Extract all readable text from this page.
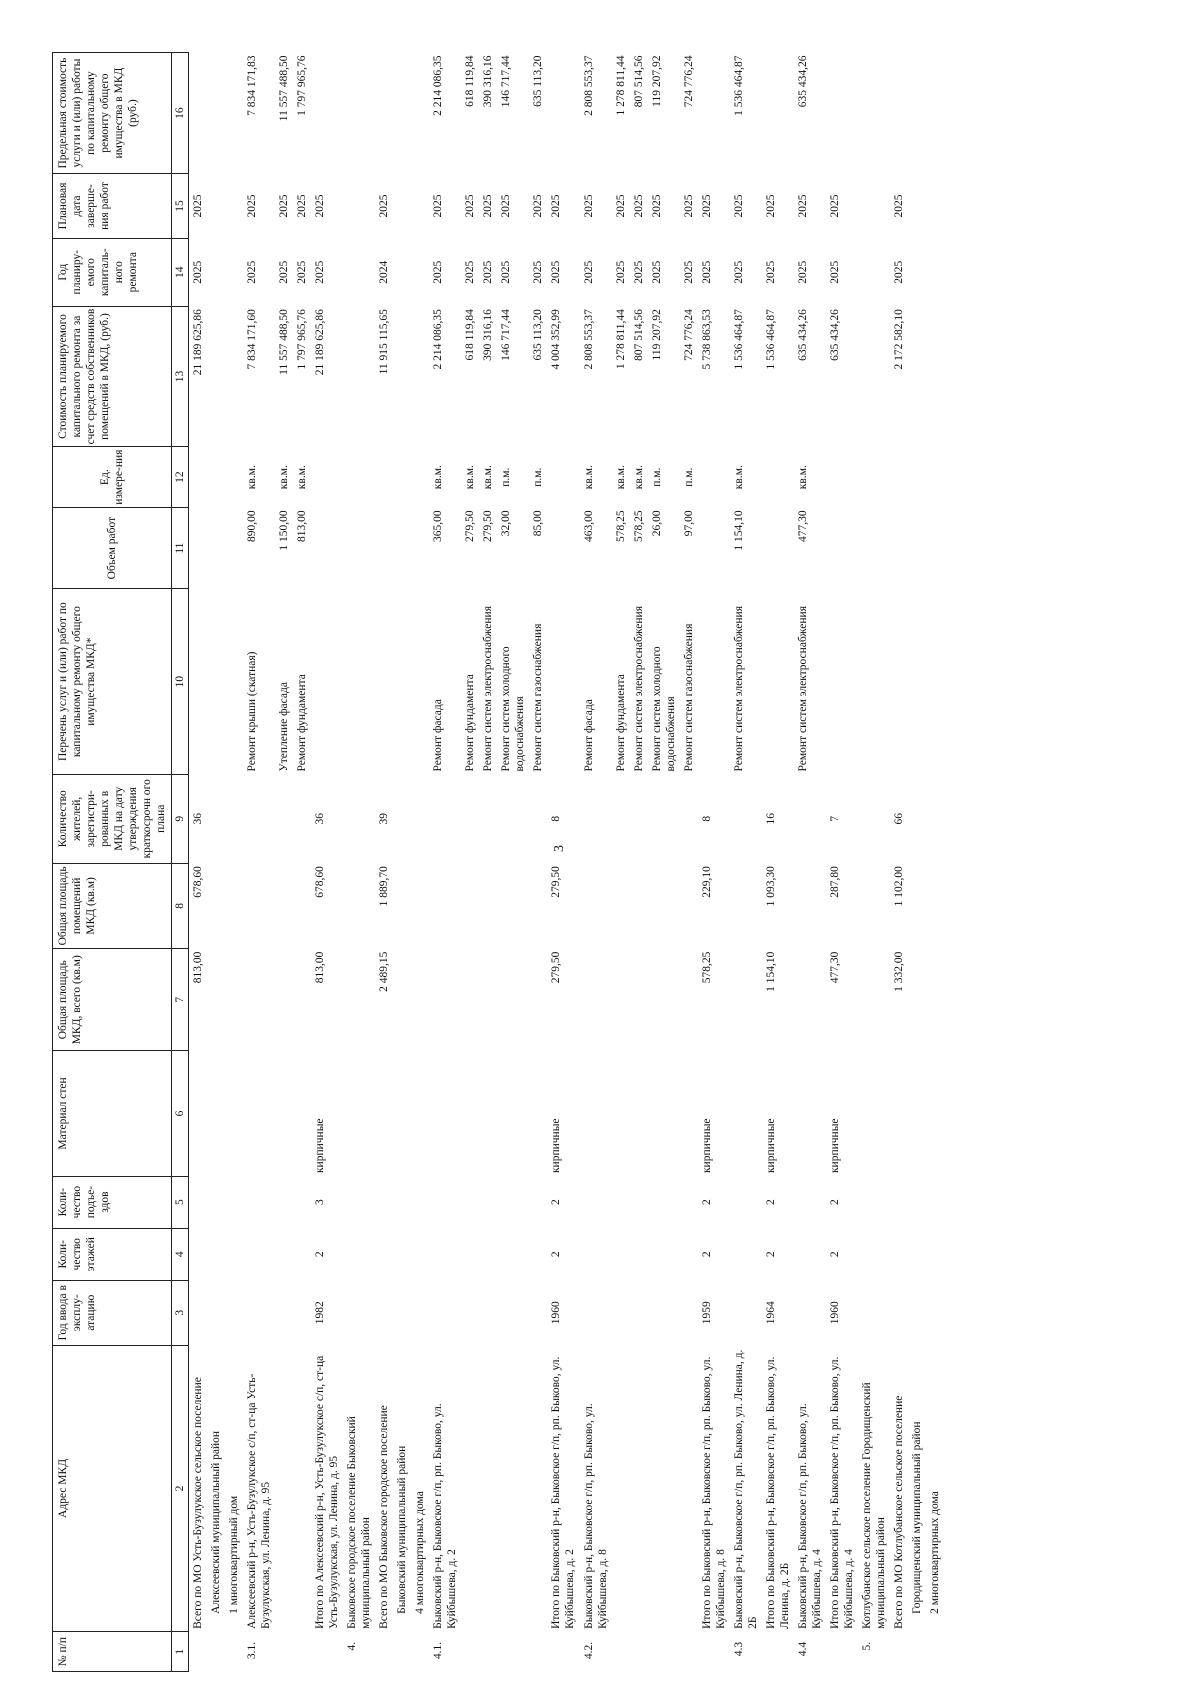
3
№ п/п	Адрес МКД	Год ввода в эксплу-атацию	Коли-чество этажей	Коли-чество подъе-здов	Материал стен	Общая площадь МКД, всего (кв.м)	Общая площадь помещений МКД (кв.м)	Количество жителей, зарегистри-рованных в МКД на дату утверждения краткосрочн ого плана	Перечень услуг и (или) работ по капитальному ремонту общего имущества МКД*	Объем работ	Ед. измере-ния	Стоимость планируемого капитального ремонта за счет средств собственников помещений в МКД, (руб.)	Год планиру-емого капиталь-ного ремонта	Плановая дата заверше-ния работ	Предельная стоимость услуги и (или) работы по капитальному ремонту общего имущества в МКД (руб.)
1	2	3	4	5	6	7	8	9	10	11	12	13	14	15	16
	Всего по МО Усть-Бузулукское сельское поселение					813,00	678,60	36				21 189 625,86	2025	2025	
	Алексеевский муниципальный район														
	1 многоквартирный дом														
3.1.	Алексеевский р-н, Усть-Бузулукское с/п, ст-ца Усть-Бузулукская, ул. Ленина, д. 95								Ремонт крыши (скатная)	890,00	кв.м.	7 834 171,60	2025	2025	7 834 171,83
									Утепление фасада	1 150,00	кв.м.	11 557 488,50	2025	2025	11 557 488,50
									Ремонт фундамента	813,00	кв.м.	1 797 965,76	2025	2025	1 797 965,76
	Итого по Алексеевский р-н, Усть-Бузулукское с/п, ст-ца Усть-Бузулукская, ул. Ленина, д. 95	1982	2	3	кирпичные	813,00	678,60	36				21 189 625,86	2025	2025	
4.	Быковское городское поселение Быковский муниципальный район														
	Всего по МО Быковское городское поселение					2 489,15	1 889,70	39				11 915 115,65	2024	2025	
	Быковский муниципальный район														
	4 многоквартирных дома														
4.1.	Быковский р-н, Быковское г/п, рп. Быково, ул. Куйбышева, д. 2								Ремонт фасада	365,00	кв.м.	2 214 086,35	2025	2025	2 214 086,35
									Ремонт фундамента	279,50	кв.м.	618 119,84	2025	2025	618 119,84
									Ремонт систем электроснабжения	279,50	кв.м.	390 316,16	2025	2025	390 316,16
									Ремонт систем холодного водоснабжения	32,00	п.м.	146 717,44	2025	2025	146 717,44
									Ремонт систем газоснабжения	85,00	п.м.	635 113,20	2025	2025	635 113,20
	Итого по Быковский р-н, Быковское г/п, рп. Быково, ул. Куйбышева, д. 2	1960	2	2	кирпичные	279,50	279,50	8				4 004 352,99	2025	2025	
4.2.	Быковский р-н, Быковское г/п, рп. Быково, ул. Куйбышева, д. 8								Ремонт фасада	463,00	кв.м.	2 808 553,37	2025	2025	2 808 553,37
									Ремонт фундамента	578,25	кв.м.	1 278 811,44	2025	2025	1 278 811,44
									Ремонт систем электроснабжения	578,25	кв.м.	807 514,56	2025	2025	807 514,56
									Ремонт систем холодного водоснабжения	26,00	п.м.	119 207,92	2025	2025	119 207,92
									Ремонт систем газоснабжения	97,00	п.м.	724 776,24	2025	2025	724 776,24
	Итого по Быковский р-н, Быковское г/п, рп. Быково, ул. Куйбышева, д. 8	1959	2	2	кирпичные	578,25	229,10	8				5 738 863,53	2025	2025	
4.3	Быковский р-н, Быковское г/п, рп. Быково, ул. Ленина, д. 2Б								Ремонт систем электроснабжения	1 154,10	кв.м.	1 536 464,87	2025	2025	1 536 464,87
	Итого по Быковский р-н, Быковское г/п, рп. Быково, ул. Ленина, д. 2Б	1964	2	2	кирпичные	1 154,10	1 093,30	16				1 536 464,87	2025	2025	
4.4	Быковский р-н, Быковское г/п, рп. Быково, ул. Куйбышева, д. 4								Ремонт систем электроснабжения	477,30	кв.м.	635 434,26	2025	2025	635 434,26
	Итого по Быковский р-н, Быковское г/п, рп. Быково, ул. Куйбышева, д. 4	1960	2	2	кирпичные	477,30	287,80	7				635 434,26	2025	2025	
5.	Котлубанское сельское поселение Городищенский муниципальный район														
	Всего по МО Котлубанское сельское поселение					1 332,00	1 102,00	66				2 172 582,10	2025	2025	
	Городищенский муниципальный район														
	2 многоквартирных дома														
